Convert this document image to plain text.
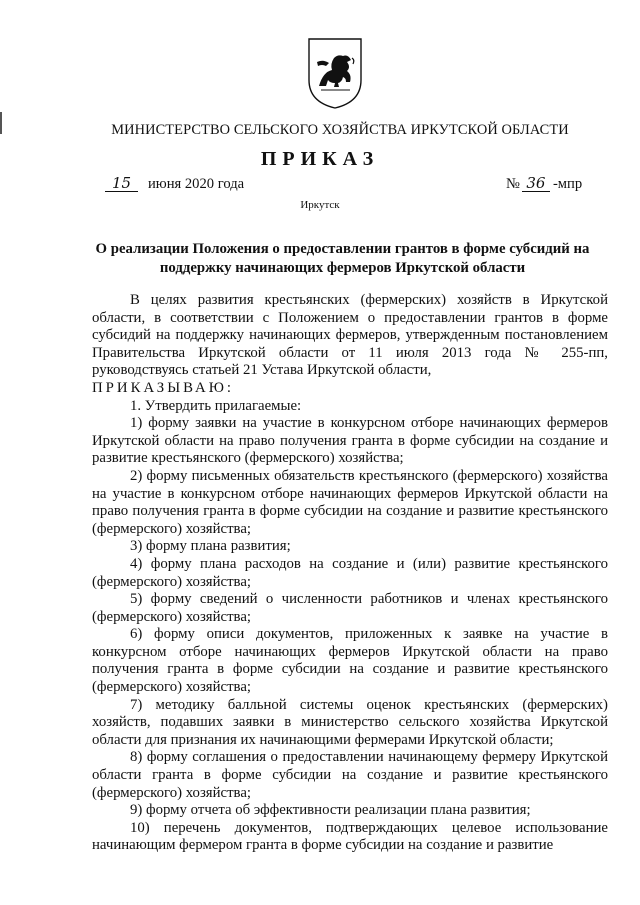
МИНИСТЕРСТВО СЕЛЬСКОГО ХОЗЯЙСТВА ИРКУТСКОЙ ОБЛАСТИ
ПРИКАЗ
15 июня 2020 года	№ 36 -мпр
Иркутск
О реализации Положения о предоставлении грантов в форме субсидий на поддержку начинающих фермеров Иркутской области

В целях развития крестьянских (фермерских) хозяйств в Иркутской области, в соответствии с Положением о предоставлении грантов в форме субсидий на поддержку начинающих фермеров, утвержденным постановлением Правительства Иркутской области от 11 июля 2013 года № 255-пп, руководствуясь статьей 21 Устава Иркутской области,

ПРИКАЗЫВАЮ:

1. Утвердить прилагаемые:

1) форму заявки на участие в конкурсном отборе начинающих фермеров Иркутской области на право получения гранта в форме субсидии на создание и развитие крестьянского (фермерского) хозяйства;

2) форму письменных обязательств крестьянского (фермерского) хозяйства на участие в конкурсном отборе начинающих фермеров Иркутской области на право получения гранта в форме субсидии на создание и развитие крестьянского (фермерского) хозяйства;

3) форму плана развития;

4) форму плана расходов на создание и (или) развитие крестьянского (фермерского) хозяйства;

5) форму сведений о численности работников и членах крестьянского (фермерского) хозяйства;

6) форму описи документов, приложенных к заявке на участие в конкурсном отборе начинающих фермеров Иркутской области на право получения гранта в форме субсидии на создание и развитие крестьянского (фермерского) хозяйства;

7) методику балльной системы оценок крестьянских (фермерских) хозяйств, подавших заявки в министерство сельского хозяйства Иркутской области для признания их начинающими фермерами Иркутской области;

8) форму соглашения о предоставлении начинающему фермеру Иркутской области гранта в форме субсидии на создание и развитие крестьянского (фермерского) хозяйства;

9) форму отчета об эффективности реализации плана развития;

10) перечень документов, подтверждающих целевое использование начинающим фермером гранта в форме субсидии на создание и развитие
